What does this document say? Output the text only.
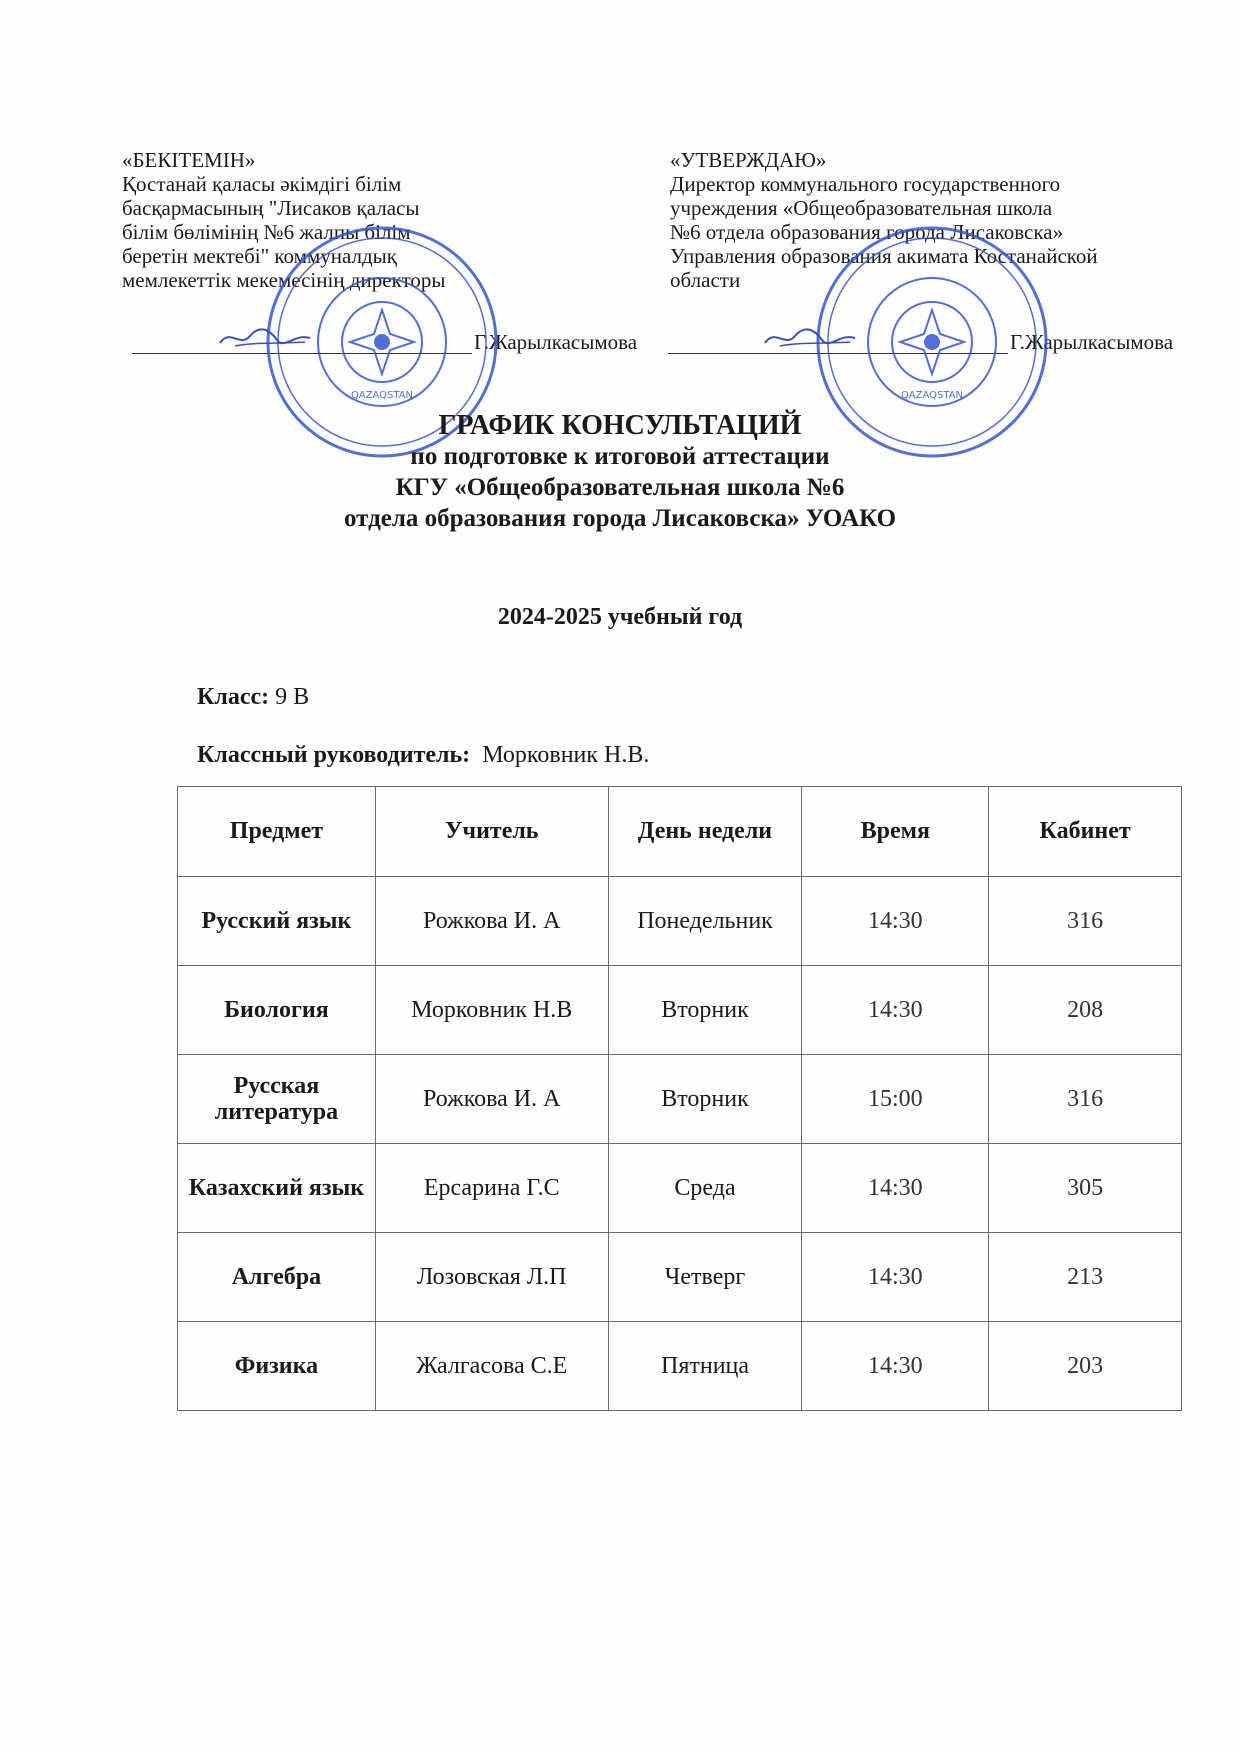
«БЕКІТЕМІН»
Қостанай қаласы әкімдігі білім
басқармасының "Лисаков қаласы
білім бөлімінің №6 жалпы білім
беретін мектебі" коммуналдық
мемлекеттік мекемесінің директоры
«УТВЕРЖДАЮ»
Директор коммунального государственного
учреждения «Общеобразовательная школа
№6 отдела образования города Лисаковска»
Управления образования акимата Костанайской
области
Г.Жарылкасымова	Г.Жарылкасымова
QAZAQSTAN	QAZAQSTAN
ГРАФИК КОНСУЛЬТАЦИЙ
по подготовке к итоговой аттестации
КГУ «Общеобразовательная школа №6
отдела образования города Лисаковска» УОАКО
2024-2025 учебный год
Класс: 9 В
Классный руководитель: Морковник Н.В.
Предмет	Учитель	День недели	Время	Кабинет
Русский язык	Рожкова И. А	Понедельник	14:30	316
Биология	Морковник Н.В	Вторник	14:30	208
Русская литература	Рожкова И. А	Вторник	15:00	316
Казахский язык	Ерсарина Г.С	Среда	14:30	305
Алгебра	Лозовская Л.П	Четверг	14:30	213
Физика	Жалгасова С.Е	Пятница	14:30	203
